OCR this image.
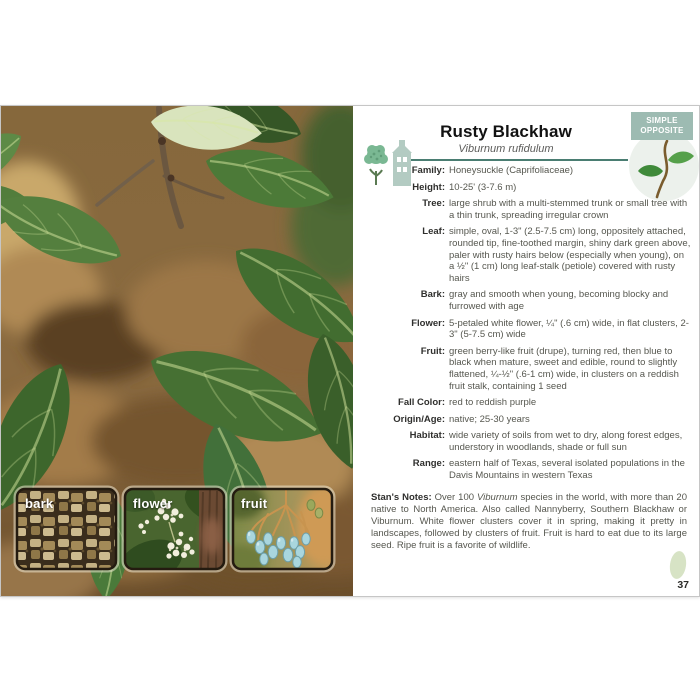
bark	flower	fruit
SIMPLE
OPPOSITE
Rusty Blackhaw
Viburnum rufidulum
Family: Honeysuckle (Caprifoliaceae)
Height: 10-25' (3-7.6 m)
Tree: large shrub with a multi-stemmed trunk or small tree with a thin trunk, spreading irregular crown
Leaf: simple, oval, 1-3" (2.5-7.5 cm) long, oppositely attached, rounded tip, fine-toothed margin, shiny dark green above, paler with rusty hairs below (especially when young), on a ½" (1 cm) long leaf-stalk (petiole) covered with rusty hairs
Bark: gray and smooth when young, becoming blocky and furrowed with age
Flower: 5-petaled white flower, ¼" (.6 cm) wide, in flat clusters, 2-3" (5-7.5 cm) wide
Fruit: green berry-like fruit (drupe), turning red, then blue to black when mature, sweet and edible, round to slightly flattened, ¼-½" (.6-1 cm) wide, in clusters on a reddish fruit stalk, containing 1 seed
Fall Color: red to reddish purple
Origin/Age: native; 25-30 years
Habitat: wide variety of soils from wet to dry, along forest edges, understory in woodlands, shade or full sun
Range: eastern half of Texas, several isolated populations in the Davis Mountains in western Texas
Stan's Notes: Over 100 Viburnum species in the world, with more than 20 native to North America. Also called Nannyberry, Southern Blackhaw or Viburnum. White flower clusters cover it in spring, making it pretty in landscapes, followed by clusters of fruit. Fruit is hard to eat due to its large seed. Ripe fruit is a favorite of wildlife.
37
